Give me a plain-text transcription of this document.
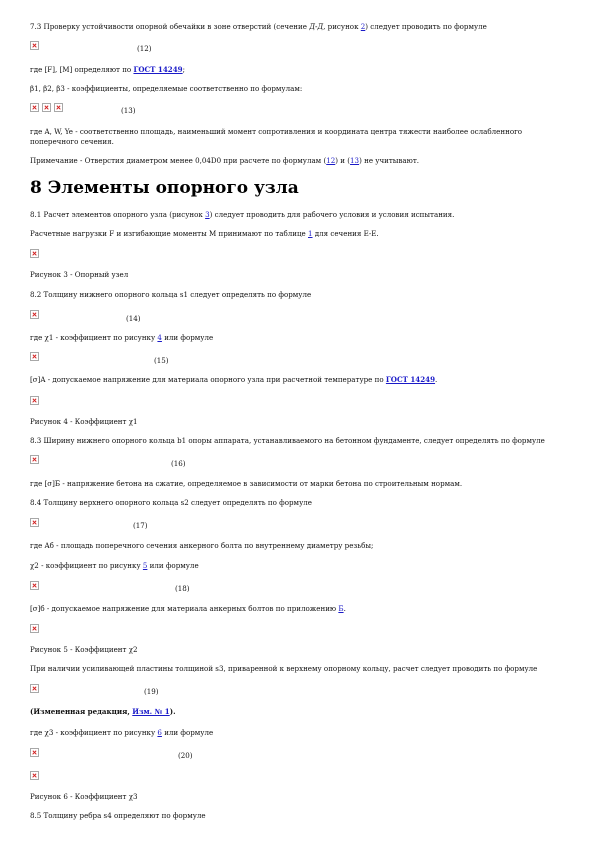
7.3 Проверку устойчивости опорной обечайки в зоне отверстий (сечение Д-Д, рисунок 2) следует проводить по формуле
(12)
где [F], [M] определяют по ГОСТ 14249;
β1, β2, β3 - коэффициенты, определяемые соответственно по формулам:
(13)
где A, W, Ye - соответственно площадь, наименьший момент сопротивления и координата центра тяжести наиболее ослабленного
поперечного сечения.
Примечание - Отверстия диаметром менее 0,04D0 при расчете по формулам (12) и (13) не учитывают.
8 Элементы опорного узла
8.1 Расчет элементов опорного узла (рисунок 3) следует проводить для рабочего условия и условия испытания.
Расчетные нагрузки F и изгибающие моменты M принимают по таблице 1 для сечения Е-Е.
Рисунок 3 - Опорный узел
8.2 Толщину нижнего опорного кольца s1 следует определять по формуле
(14)
где χ1 - коэффициент по рисунку 4 или формуле
(15)
[σ]A - допускаемое напряжение для материала опорного узла при расчетной температуре по ГОСТ 14249.
Рисунок 4 - Коэффициент χ1
8.3 Ширину нижнего опорного кольца b1 опоры аппарата, устанавливаемого на бетонном фундаменте, следует определять по формуле
(16)
где [σ]Б - напряжение бетона на сжатие, определяемое в зависимости от марки бетона по строительным нормам.
8.4 Толщину верхнего опорного кольца s2 следует определять по формуле
(17)
где Aб - площадь поперечного сечения анкерного болта по внутреннему диаметру резьбы;
χ2 - коэффициент по рисунку 5 или формуле
(18)
[σ]б - допускаемое напряжение для материала анкерных болтов по приложению Б.
Рисунок 5 - Коэффициент χ2
При наличии усиливающей пластины толщиной s3, приваренной к верхнему опорному кольцу, расчет следует проводить по формуле
(19)
(Измененная редакция, Изм. № 1).
где χ3 - коэффициент по рисунку 6 или формуле
(20)
Рисунок 6 - Коэффициент χ3
8.5 Толщину ребра s4 определяют по формуле
